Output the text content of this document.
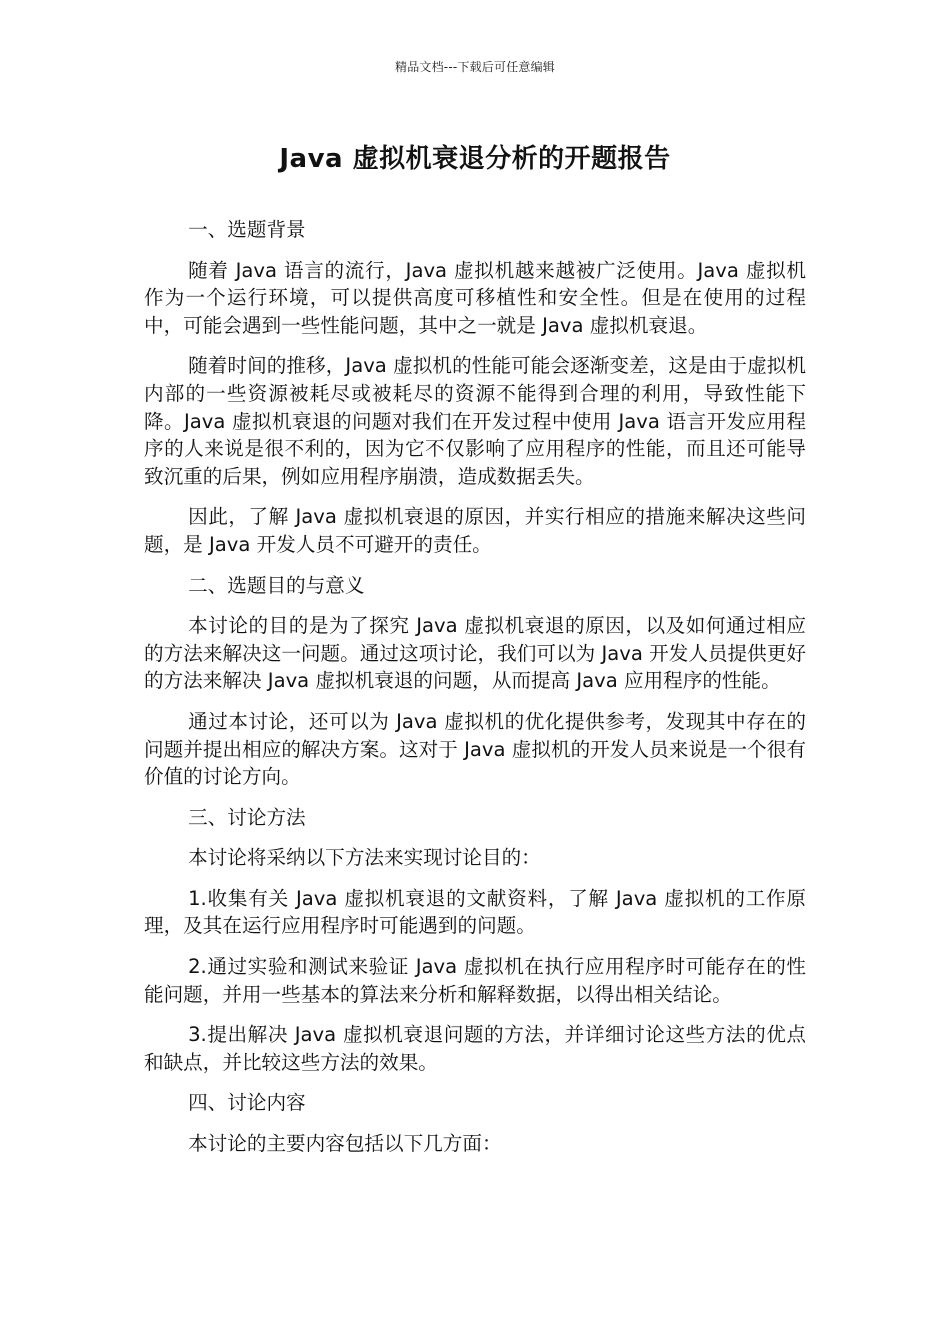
精品文档---下载后可任意编辑
Java 虚拟机衰退分析的开题报告

一、选题背景

随着 Java 语言的流行，Java 虚拟机越来越被广泛使用。Java 虚拟机作为一个运行环境，可以提供高度可移植性和安全性。但是在使用的过程中，可能会遇到一些性能问题，其中之一就是 Java 虚拟机衰退。

随着时间的推移，Java 虚拟机的性能可能会逐渐变差，这是由于虚拟机内部的一些资源被耗尽或被耗尽的资源不能得到合理的利用，导致性能下降。Java 虚拟机衰退的问题对我们在开发过程中使用 Java 语言开发应用程序的人来说是很不利的，因为它不仅影响了应用程序的性能，而且还可能导致沉重的后果，例如应用程序崩溃，造成数据丢失。

因此，了解 Java 虚拟机衰退的原因，并实行相应的措施来解决这些问题，是 Java 开发人员不可避开的责任。

二、选题目的与意义

本讨论的目的是为了探究 Java 虚拟机衰退的原因，以及如何通过相应的方法来解决这一问题。通过这项讨论，我们可以为 Java 开发人员提供更好的方法来解决 Java 虚拟机衰退的问题，从而提高 Java 应用程序的性能。

通过本讨论，还可以为 Java 虚拟机的优化提供参考，发现其中存在的问题并提出相应的解决方案。这对于 Java 虚拟机的开发人员来说是一个很有价值的讨论方向。

三、讨论方法

本讨论将采纳以下方法来实现讨论目的：

1.收集有关 Java 虚拟机衰退的文献资料，了解 Java 虚拟机的工作原理，及其在运行应用程序时可能遇到的问题。

2.通过实验和测试来验证 Java 虚拟机在执行应用程序时可能存在的性能问题，并用一些基本的算法来分析和解释数据，以得出相关结论。

3.提出解决 Java 虚拟机衰退问题的方法，并详细讨论这些方法的优点和缺点，并比较这些方法的效果。

四、讨论内容

本讨论的主要内容包括以下几方面：
